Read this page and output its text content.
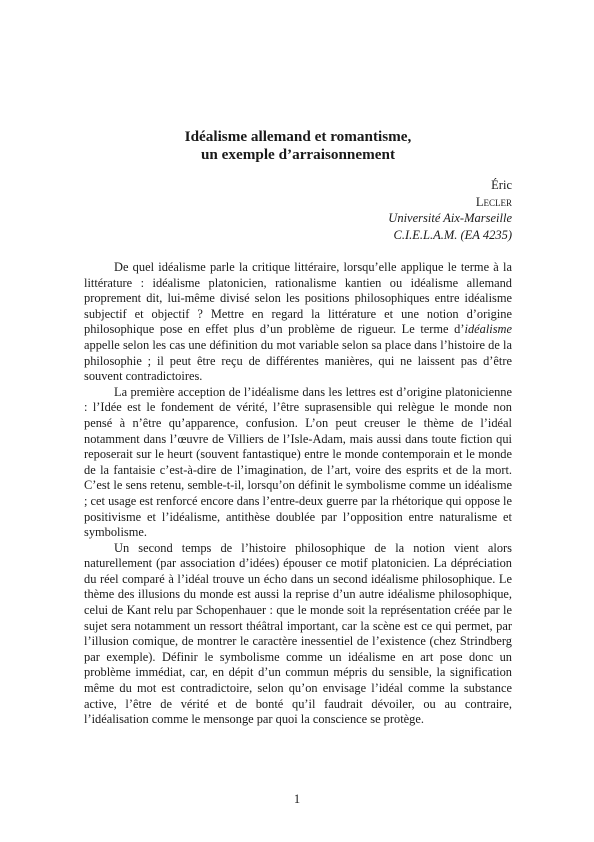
Idéalisme allemand et romantisme,
un exemple d’arraisonnement
Éric
Lecler
Université Aix-Marseille
C.I.E.L.A.M. (EA 4235)

De quel idéalisme parle la critique littéraire, lorsqu’elle applique le terme à la littérature : idéalisme platonicien, rationalisme kantien ou idéalisme allemand proprement dit, lui-même divisé selon les positions philosophiques entre idéalisme subjectif et objectif ? Mettre en regard la littérature et une notion d’origine philosophique pose en effet plus d’un problème de rigueur. Le terme d’idéalisme appelle selon les cas une définition du mot variable selon sa place dans l’histoire de la philosophie ; il peut être reçu de différentes manières, qui ne laissent pas d’être souvent contradictoires.

La première acception de l’idéalisme dans les lettres est d’origine platonicienne : l’Idée est le fondement de vérité, l’être suprasensible qui relègue le monde non pensé à n’être qu’apparence, confusion. L’on peut creuser le thème de l’idéal notamment dans l’œuvre de Villiers de l’Isle-Adam, mais aussi dans toute fiction qui reposerait sur le heurt (souvent fantastique) entre le monde contemporain et le monde de la fantaisie c’est-à-dire de l’imagination, de l’art, voire des esprits et de la mort. C’est le sens retenu, semble-t-il, lorsqu’on définit le symbolisme comme un idéalisme ; cet usage est renforcé encore dans l’entre-deux guerre par la rhétorique qui oppose le positivisme et l’idéalisme, antithèse doublée par l’opposition entre naturalisme et symbolisme.

Un second temps de l’histoire philosophique de la notion vient alors naturellement (par association d’idées) épouser ce motif platonicien. La dépréciation du réel comparé à l’idéal trouve un écho dans un second idéalisme philosophique. Le thème des illusions du monde est aussi la reprise d’un autre idéalisme philosophique, celui de Kant relu par Schopenhauer : que le monde soit la représentation créée par le sujet sera notamment un ressort théâtral important, car la scène est ce qui permet, par l’illusion comique, de montrer le caractère inessentiel de l’existence (chez Strindberg par exemple). Définir le symbolisme comme un idéalisme en art pose donc un problème immédiat, car, en dépit d’un commun mépris du sensible, la signification même du mot est contradictoire, selon qu’on envisage l’idéal comme la substance active, l’être de vérité et de bonté qu’il faudrait dévoiler, ou au contraire, l’idéalisation comme le mensonge par quoi la conscience se protège.

1
